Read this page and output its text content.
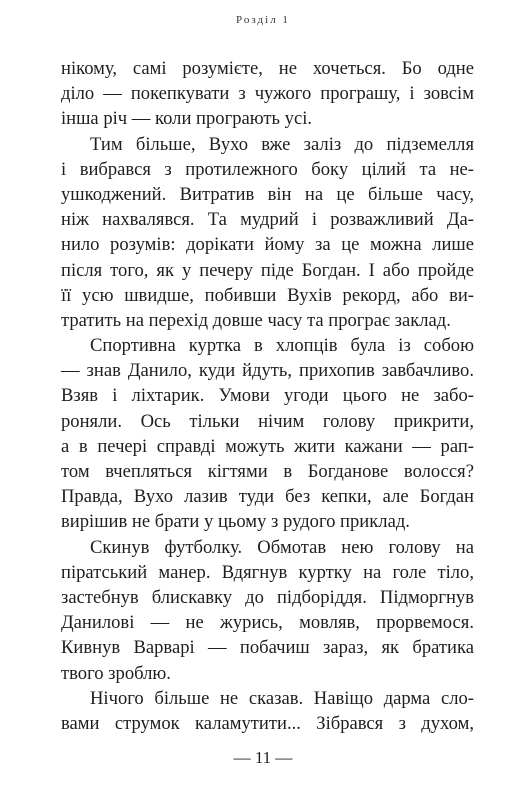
Розділ 1
нікому, самі розумієте, не хочеться. Бо одне
діло — покепкувати з чужого програшу, і зовсім
інша річ — коли програють усі.
Тим більше, Вухо вже заліз до підземелля
і вибрався з протилежного боку цілий та не-
ушкоджений. Витратив він на це більше часу,
ніж нахвалявся. Та мудрий і розважливий Да-
нило розумів: дорікати йому за це можна лише
після того, як у печеру піде Богдан. І або пройде
її усю швидше, побивши Вухів рекорд, або ви-
тратить на перехід довше часу та програє заклад.
Спортивна куртка в хлопців була із собою
— знав Данило, куди йдуть, прихопив завбачливо.
Взяв і ліхтарик. Умови угоди цього не забо-
роняли. Ось тільки нічим голову прикрити,
а в печері справді можуть жити кажани — рап-
том вчепляться кігтями в Богданове волосся?
Правда, Вухо лазив туди без кепки, але Богдан
вирішив не брати у цьому з рудого приклад.
Скинув футболку. Обмотав нею голову на
піратський манер. Вдягнув куртку на голе тіло,
застебнув блискавку до підборіддя. Підморгнув
Данилові — не журись, мовляв, прорвемося.
Кивнув Варварі — побачиш зараз, як братика
твого зроблю.
Нічого більше не сказав. Навіщо дарма сло-
вами струмок каламутити... Зібрався з духом,
— 11 —
